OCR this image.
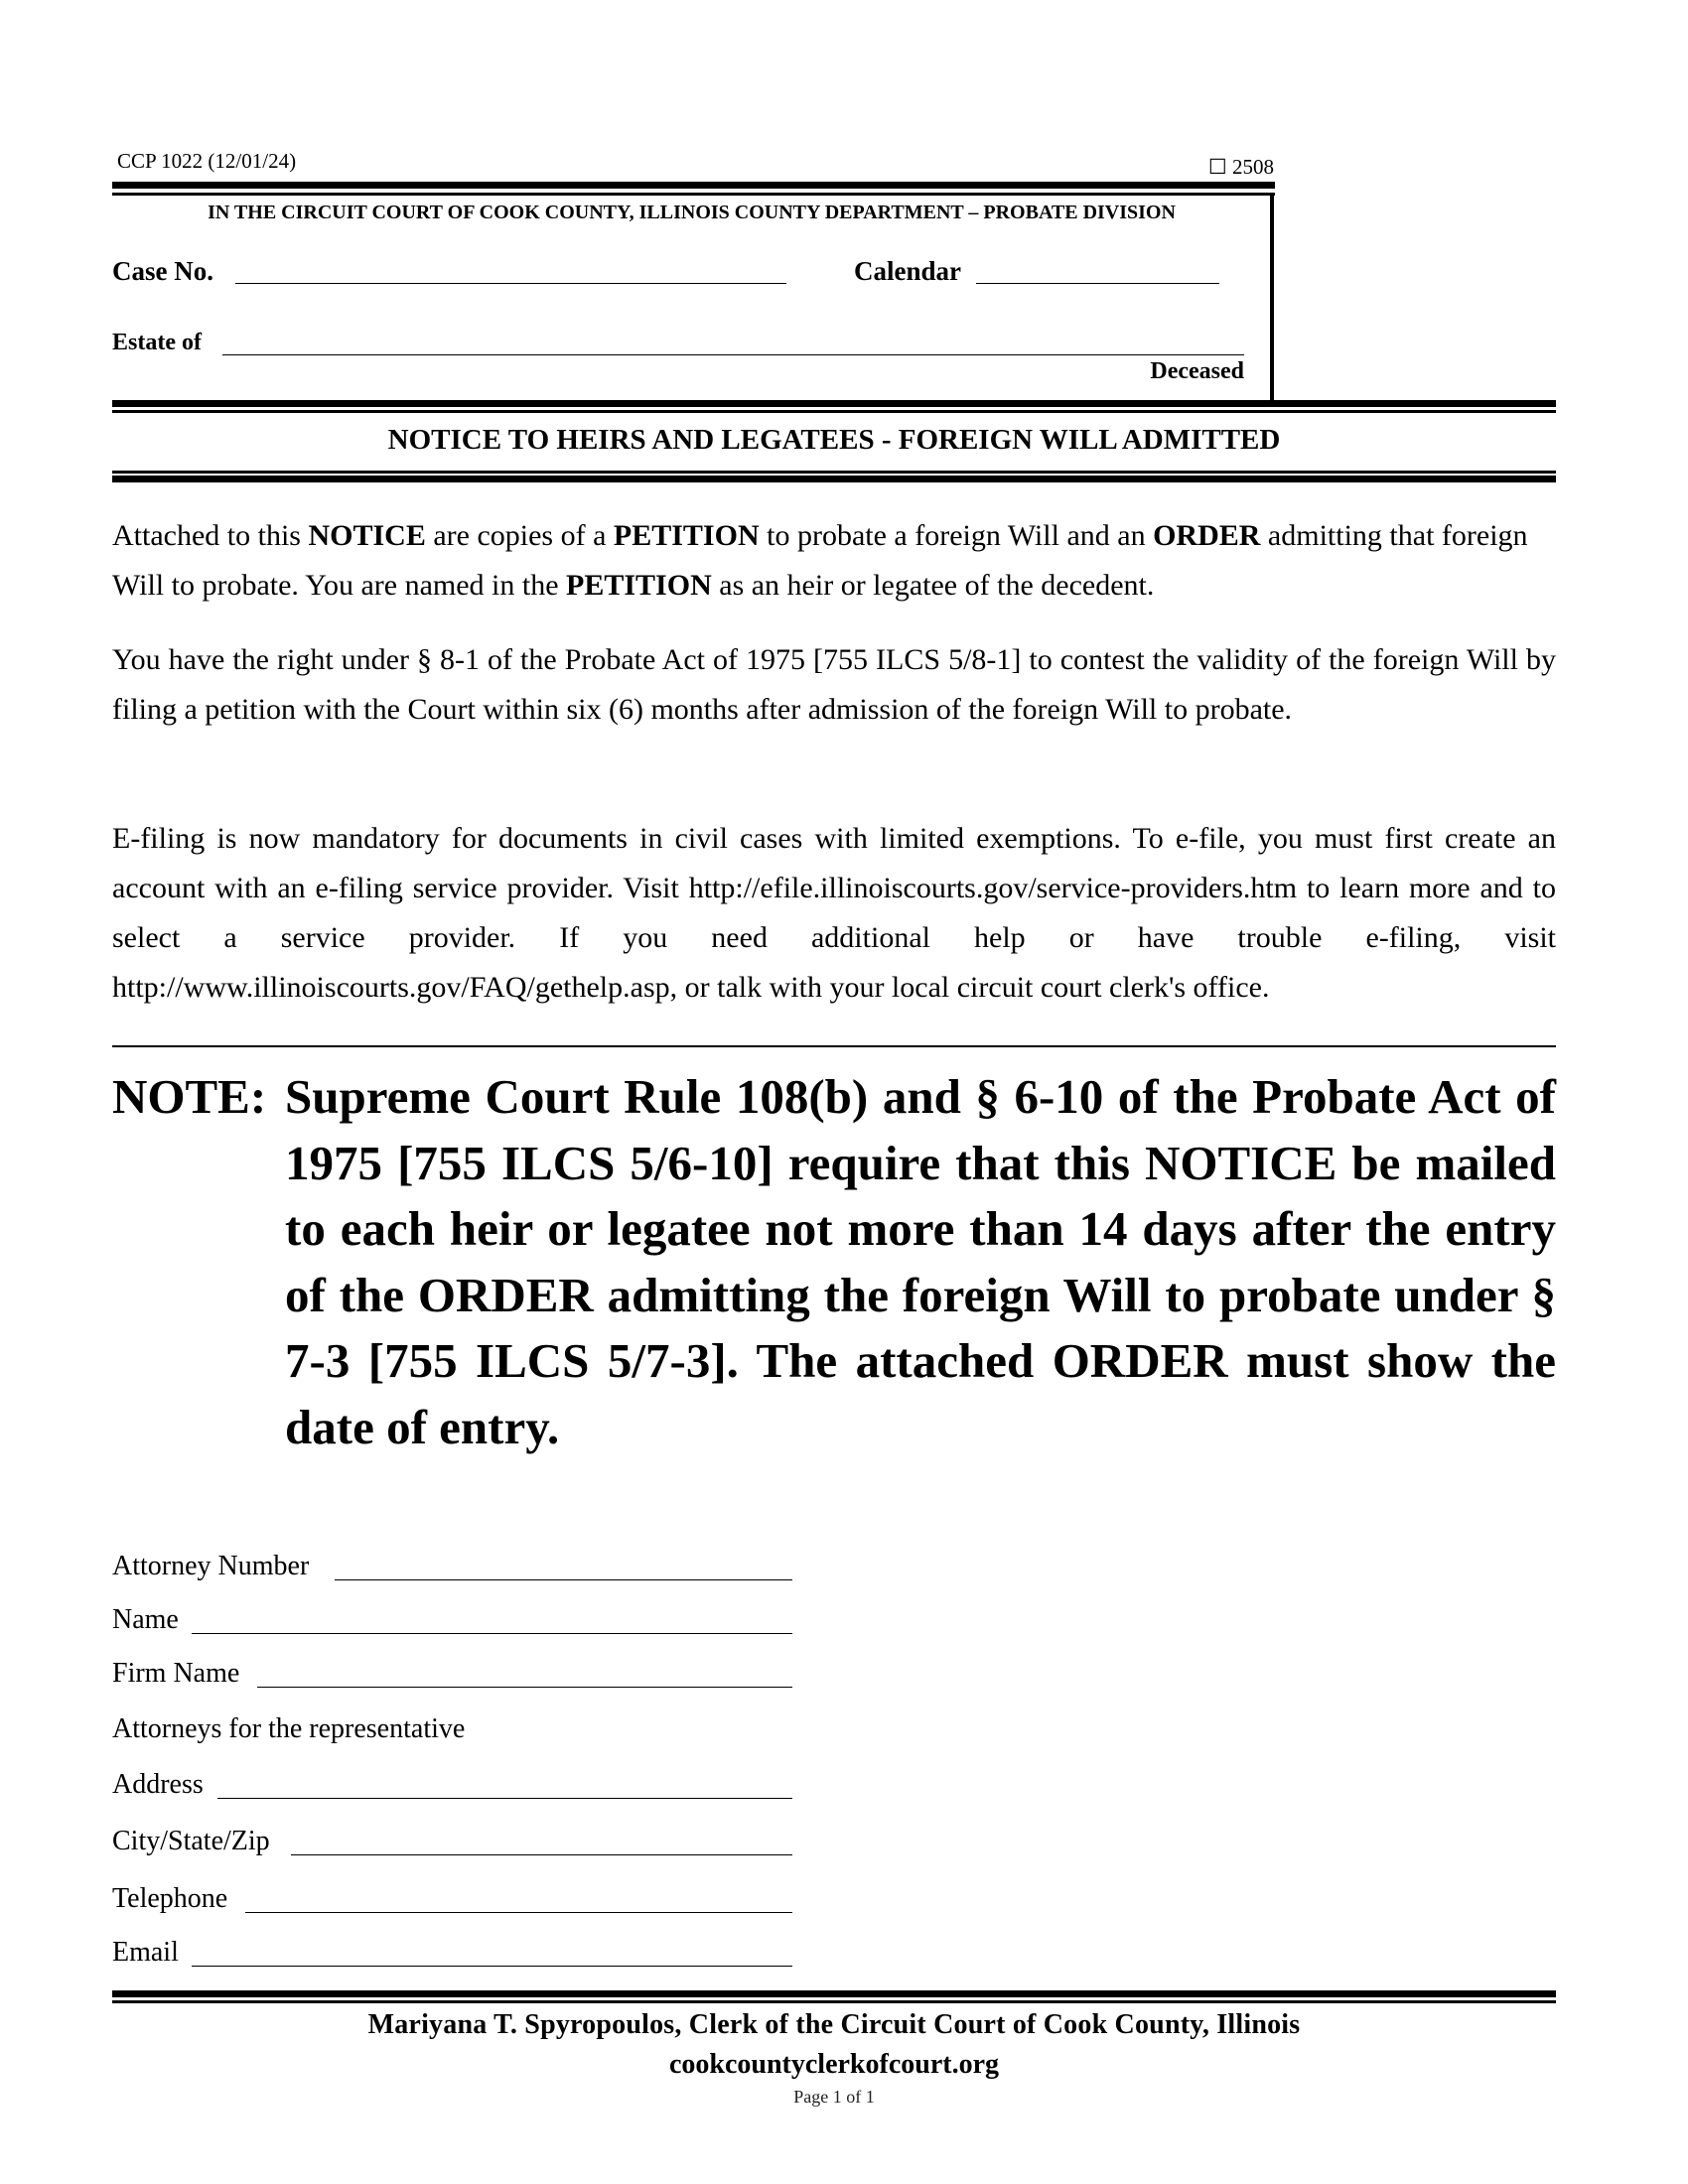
CCP 1022 (12/01/24)	☐ 2508
IN THE CIRCUIT COURT OF COOK COUNTY, ILLINOIS COUNTY DEPARTMENT – PROBATE DIVISION
Case No.	Calendar
Estate of
Deceased
NOTICE TO HEIRS AND LEGATEES - FOREIGN WILL ADMITTED
Attached to this NOTICE are copies of a PETITION to probate a foreign Will and an ORDER admitting that foreign Will to probate. You are named in the PETITION as an heir or legatee of the decedent.
You have the right under § 8-1 of the Probate Act of 1975 [755 ILCS 5/8-1] to contest the validity of the foreign Will by filing a petition with the Court within six (6) months after admission of the foreign Will to probate.
E-filing is now mandatory for documents in civil cases with limited exemptions. To e-file, you must first create an account with an e-filing service provider. Visit http://efile.illinoiscourts.gov/service-providers.htm to learn more and to select a service provider. If you need additional help or have trouble e-filing, visit http://www.illinoiscourts.gov/FAQ/gethelp.asp, or talk with your local circuit court clerk's office.
NOTE: Supreme Court Rule 108(b) and § 6-10 of the Probate Act of 1975 [755 ILCS 5/6-10] require that this NOTICE be mailed to each heir or legatee not more than 14 days after the entry of the ORDER admitting the foreign Will to probate under § 7-3 [755 ILCS 5/7-3]. The attached ORDER must show the date of entry.
Attorney Number
Name
Firm Name
Attorneys for the representative
Address
City/State/Zip
Telephone
Email
Mariyana T. Spyropoulos, Clerk of the Circuit Court of Cook County, Illinois
cookcountyclerkofcourt.org
Page 1 of 1
